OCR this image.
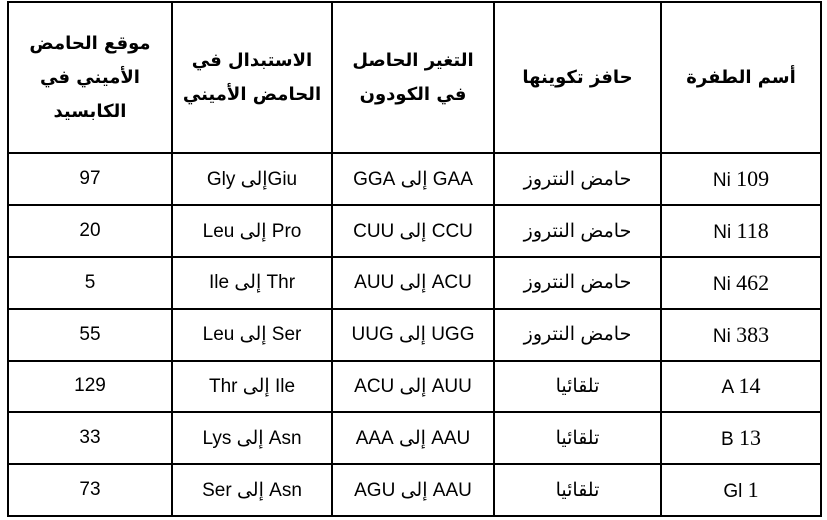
أسم الطفرة	حافز تكوينها	التغير الحاصل في الكودون	الاستبدال في الحامض الأميني	موقع الحامض الأميني في الكابسيد
Ni 109	حامض النتروز	GAA إلى GGA	Giuإلى Gly	97
Ni 118	حامض النتروز	CCU إلى CUU	Pro إلى Leu	20
Ni 462	حامض النتروز	ACU إلى AUU	Thr إلى Ile	5
Ni 383	حامض النتروز	UGG إلى UUG	Ser إلى Leu	55
A 14	تلقائيا	AUU إلى ACU	Ile إلى Thr	129
B 13	تلقائيا	AAU إلى AAA	Asn إلى Lys	33
Gl 1	تلقائيا	AAU إلى AGU	Asn إلى Ser	73
